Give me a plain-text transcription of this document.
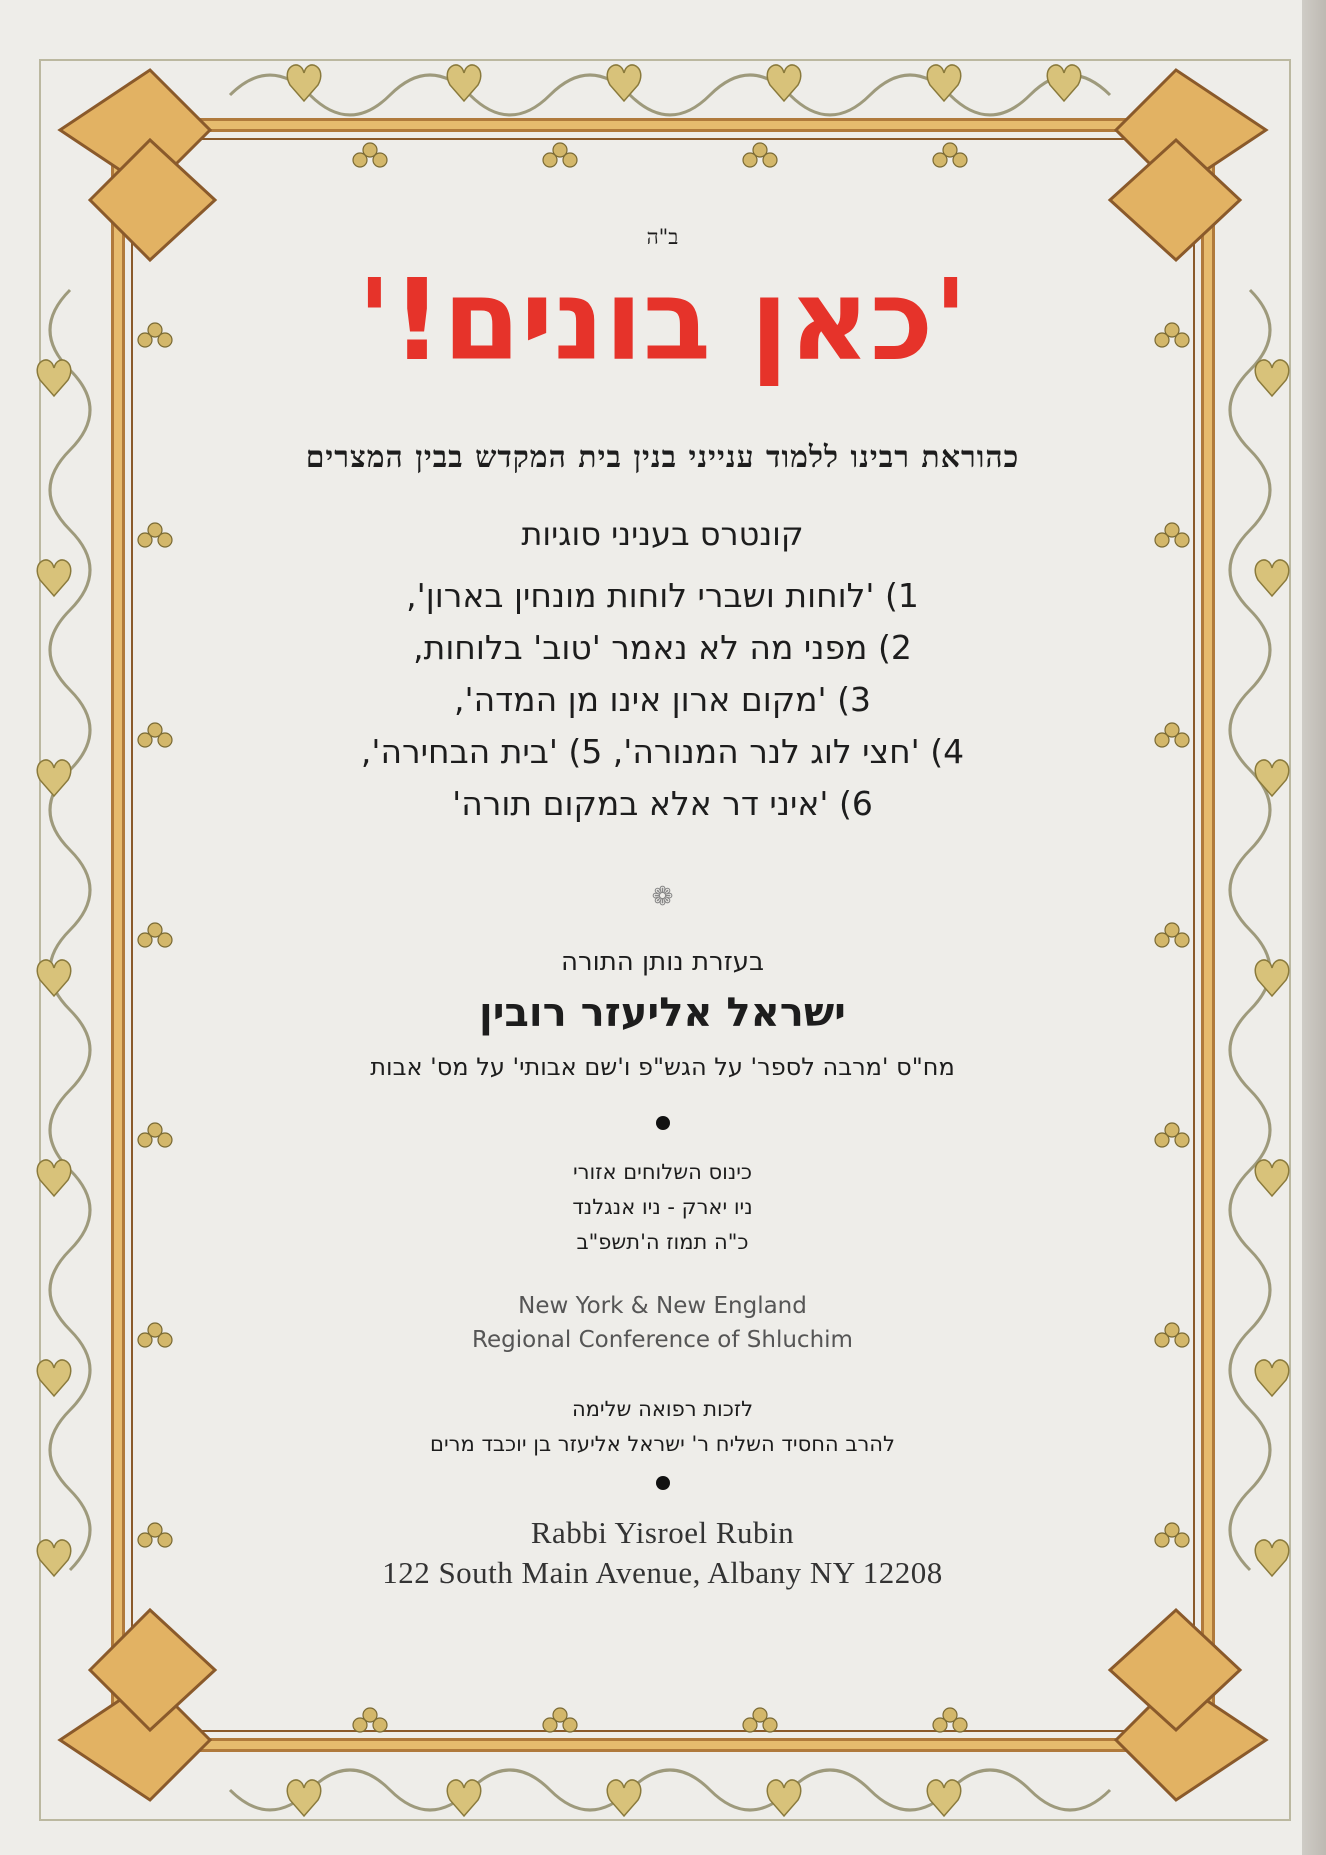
ב"ה
'כאן בונים!'
כהוראת רבינו ללמוד ענייני בנין בית המקדש בבין המצרים
קונטרס בעניני סוגיות
1) 'לוחות ושברי לוחות מונחין בארון',
2) מפני מה לא נאמר 'טוב' בלוחות,
3) 'מקום ארון אינו מן המדה',
4) 'חצי לוג לנר המנורה', 5) 'בית הבחירה',
6) 'איני דר אלא במקום תורה'
❁
בעזרת נותן התורה
ישראל אליעזר רובין
מח"ס 'מרבה לספר' על הגש"פ ו'שם אבותי' על מס' אבות
כינוס השלוחים אזורי
ניו יארק - ניו אנגלנד
כ"ה תמוז ה'תשפ"ב
New York & New England
Regional Conference of Shluchim
לזכות רפואה שלימה
להרב החסיד השליח ר' ישראל אליעזר בן יוכבד מרים
Rabbi Yisroel Rubin
122 South Main Avenue, Albany NY 12208
